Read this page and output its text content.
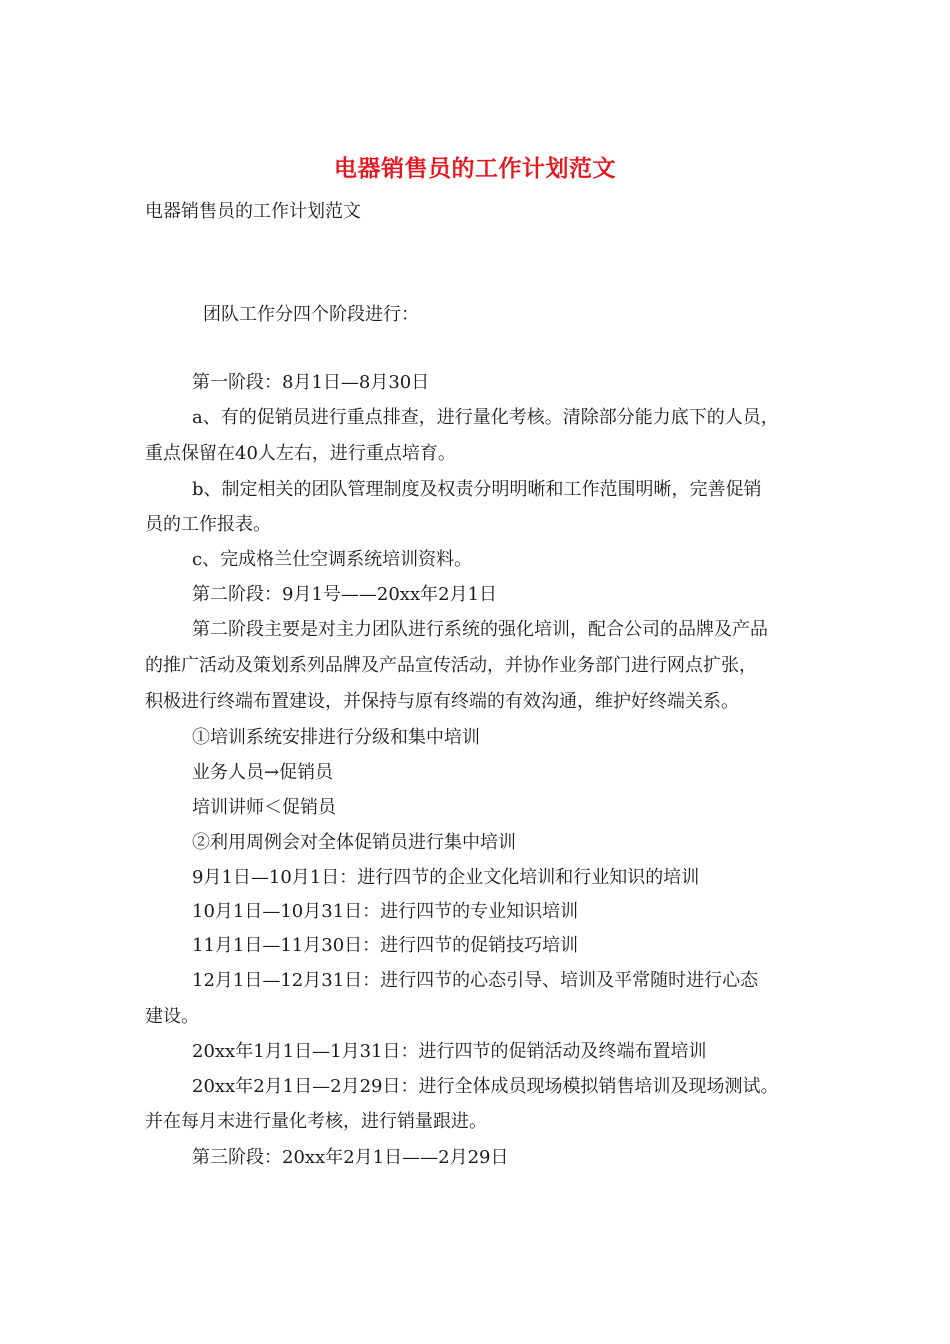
电器销售员的工作计划范文
电器销售员的工作计划范文
团队工作分四个阶段进行：
第一阶段：8月1日—8月30日
a、有的促销员进行重点排查，进行量化考核。清除部分能力底下的人员，
重点保留在40人左右，进行重点培育。
b、制定相关的团队管理制度及权责分明明晰和工作范围明晰，完善促销
员的工作报表。
c、完成格兰仕空调系统培训资料。
第二阶段：9月1号——20xx年2月1日
第二阶段主要是对主力团队进行系统的强化培训，配合公司的品牌及产品
的推广活动及策划系列品牌及产品宣传活动，并协作业务部门进行网点扩张，
积极进行终端布置建设，并保持与原有终端的有效沟通，维护好终端关系。
①培训系统安排进行分级和集中培训
业务人员→促销员
培训讲师＜促销员
②利用周例会对全体促销员进行集中培训
9月1日—10月1日：进行四节的企业文化培训和行业知识的培训
10月1日—10月31日：进行四节的专业知识培训
11月1日—11月30日：进行四节的促销技巧培训
12月1日—12月31日：进行四节的心态引导、培训及平常随时进行心态
建设。
20xx年1月1日—1月31日：进行四节的促销活动及终端布置培训
20xx年2月1日—2月29日：进行全体成员现场模拟销售培训及现场测试。
并在每月末进行量化考核，进行销量跟进。
第三阶段：20xx年2月1日——2月29日
